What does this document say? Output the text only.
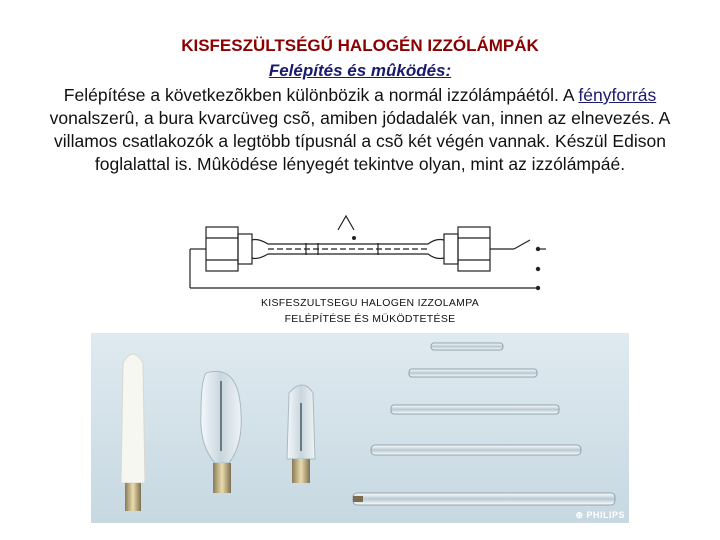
KISFESZÜLTSÉGŰ HALOGÉN IZZÓLÁMPÁK
Felépítés és mûködés:
Felépítése a következõkben különbözik a normál izzólámpáétól. A fényforrás vonalszerû, a bura kvarcüveg csõ, amiben jódadalék van, innen az elnevezés. A villamos csatlakozók a legtöbb típusnál a csõ két végén vannak. Készül Edison foglalattal is. Mûködése lényegét tekintve olyan, mint az izzólámpáé.
KISFESZULTSEGU HALOGEN IZZOLAMPA
FELÉPÍTÉSE ÉS MÜKÖDTETÉSE
⊕ PHILIPS
